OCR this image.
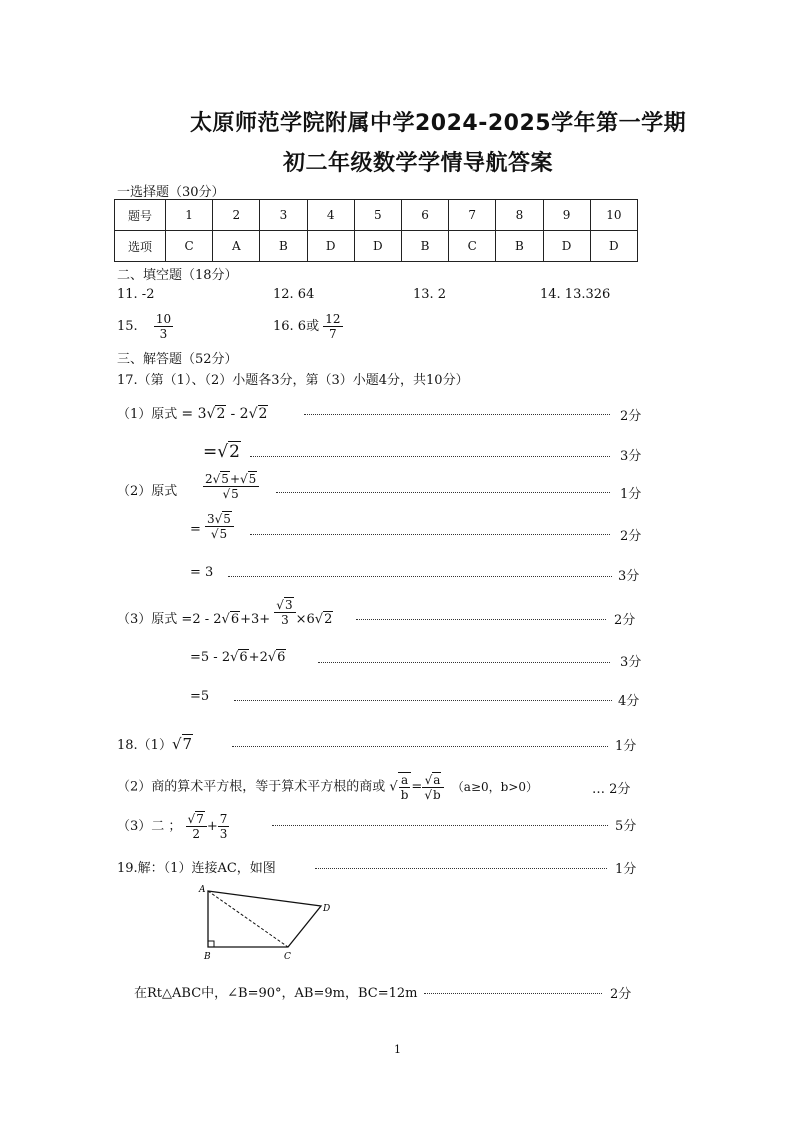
太原师范学院附属中学2024-2025学年第一学期
初二年级数学学情导航答案
一选择题（30分）
题号	1	2	3	4	5	6	7	8	9	10
选项	C	A	B	D	D	B	C	B	D	D
二、填空题（18分）
11. -2	12. 64	13. 2	14. 13.326
15. $\frac{10}{3}$	16. 6或 $\frac{12}{7}$
三、解答题（52分）
17.（第（1）、（2）小题各3分，第（3）小题4分，共10分）
（1）原式 = 3√2 - 2√2	2分
=√2	3分
（2）原式 $\frac{2√5+√5}{√5}$	1分
= $\frac{3√5}{√5}$	2分
= 3	3分
（3）原式 $=2 - 2√6+3+ \frac{√3}{3} \times 6√2$	2分
=5 - 2√6+2√6	3分
=5	4分
18.（1）√7	1分
（2）商的算术平方根，等于算术平方根的商或 √ $\frac{a}{b} = \frac{√a}{√b} (a\ge 0$，b>0）	… 2分
（3）二 ； $\frac{√7}{2} + \frac{7}{3}$	5分
19.解：（1）连接AC，如图	1分
A
D
B	C
在Rt△ABC中，∠B=90°，AB=9m，BC=12m	2分
1
